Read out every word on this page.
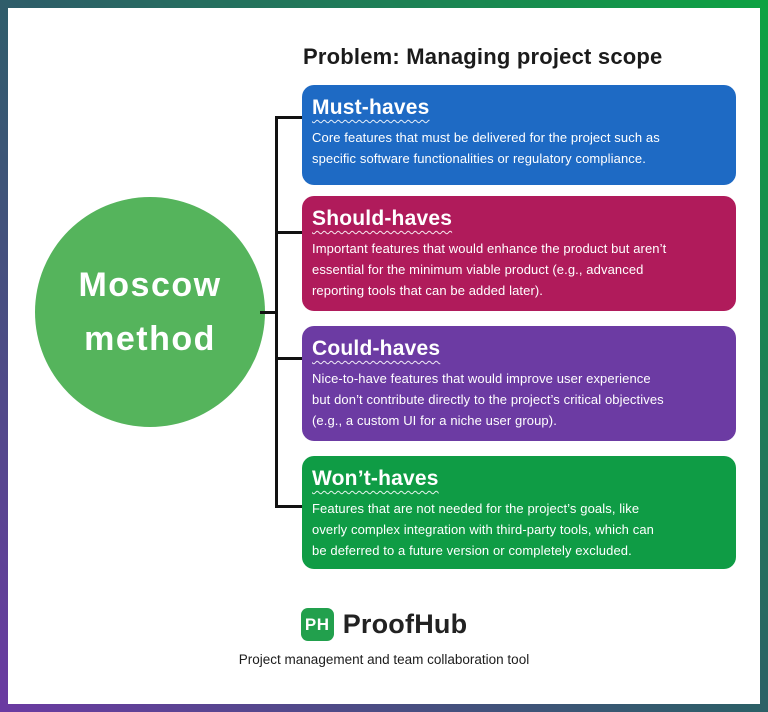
Problem: Managing project scope
Moscow
method
Must-haves
Core features that must be delivered for the project such as
specific software functionalities or regulatory compliance.
Should-haves
Important features that would enhance the product but aren’t
essential for the minimum viable product (e.g., advanced
reporting tools that can be added later).
Could-haves
Nice-to-have features that would improve user experience
but don’t contribute directly to the project’s critical objectives
(e.g., a custom UI for a niche user group).
Won’t-haves
Features that are not needed for the project’s goals, like
overly complex integration with third-party tools, which can
be deferred to a future version or completely excluded.
PH ProofHub
Project management and team collaboration tool
